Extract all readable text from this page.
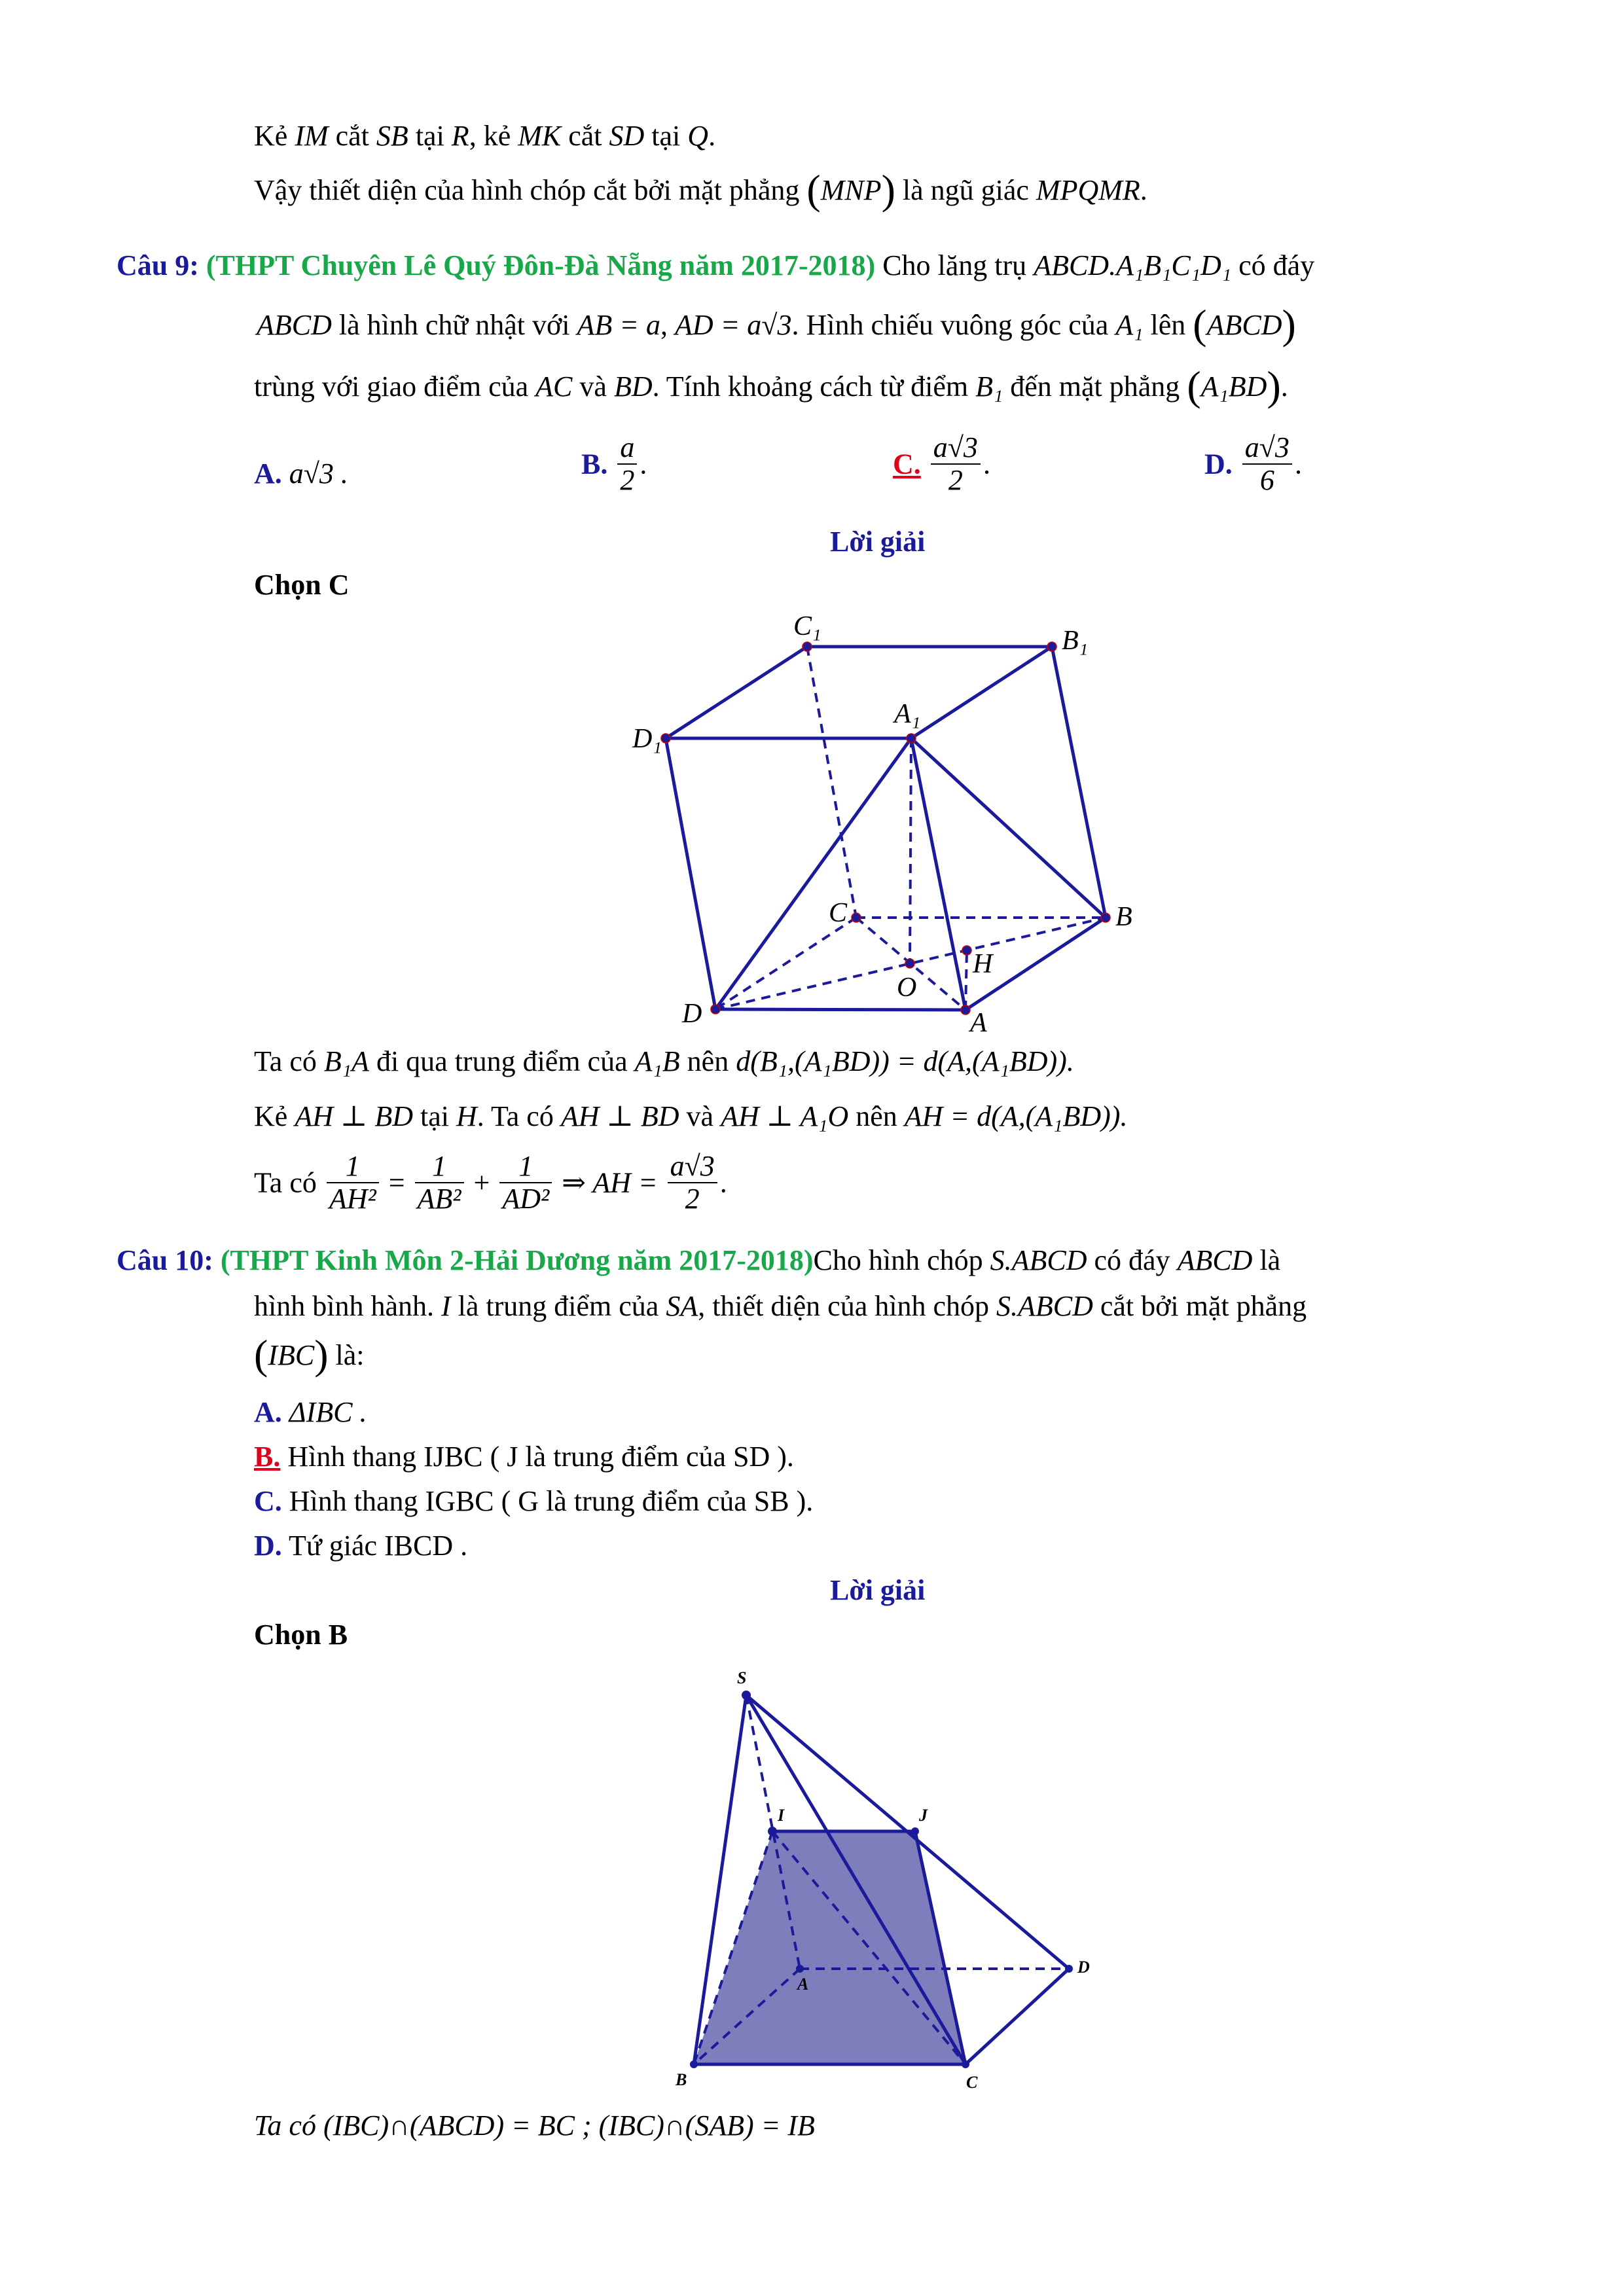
Kẻ IM cắt SB tại R, kẻ MK cắt SD tại Q.
Vậy thiết diện của hình chóp cắt bởi mặt phẳng (MNP) là ngũ giác MPQMR.
Câu 9: (THPT Chuyên Lê Quý Đôn-Đà Nẵng năm 2017-2018) Cho lăng trụ ABCD.A₁B₁C₁D₁ có đáy
ABCD là hình chữ nhật với AB = a, AD = a√3. Hình chiếu vuông góc của A₁ lên (ABCD)
trùng với giao điểm của AC và BD. Tính khoảng cách từ điểm B₁ đến mặt phẳng (A₁BD).
A. a√3 .	B. $\frac{a}{2}$ .	C. $\frac{a√3}{2}$ .	D. $\frac{a√3}{6}$ .
Lời giải
Chọn C
C₁	B₁
A₁
D₁
C	B
O
H
D	A
Ta có B₁A đi qua trung điểm của A₁B nên d(B₁,(A₁BD)) = d(A,(A₁BD)).
Kẻ AH ⊥ BD tại H. Ta có AH ⊥ BD và AH ⊥ A₁O nên AH = d(A,(A₁BD)).
Ta có $\frac{1}{\text{AH²}} = \frac{1}{\text{AB²}} + \frac{1}{\text{AD²}}$ ⇒ AH = $\frac{a√3}{2}$ .
Câu 10: (THPT Kinh Môn 2-Hải Dương năm 2017-2018)Cho hình chóp S.ABCD có đáy ABCD là
hình bình hành. I là trung điểm của SA, thiết diện của hình chóp S.ABCD cắt bởi mặt phẳng
(IBC) là:
A. ΔIBC .
B. Hình thang IJBC ( J là trung điểm của SD ).
C. Hình thang IGBC ( G là trung điểm của SB ).
D. Tứ giác IBCD .
Lời giải
Chọn B
S
I	J
A
D
B	C
Ta có (IBC)∩(ABCD) = BC ; (IBC)∩(SAB) = IB
